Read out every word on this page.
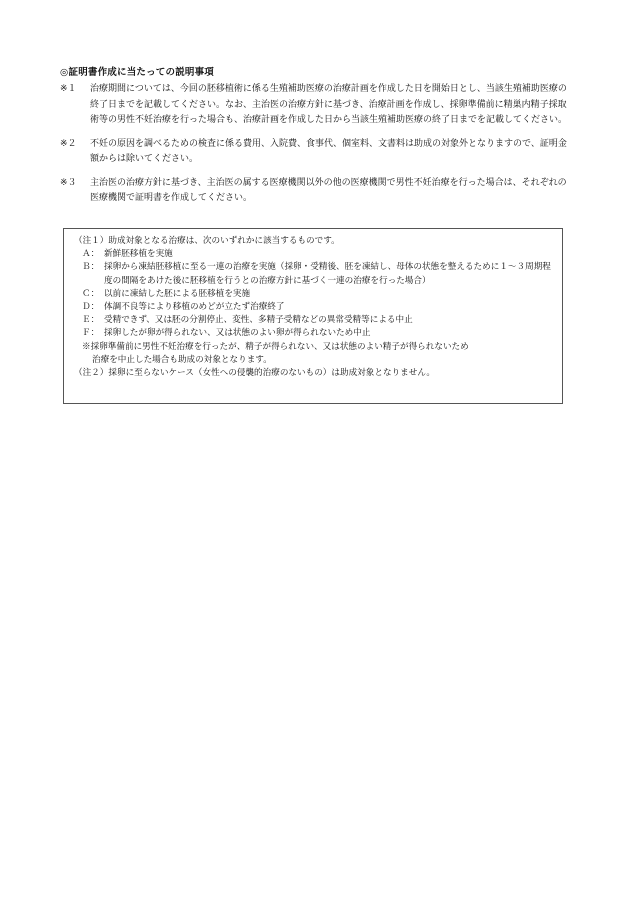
◎証明書作成に当たっての説明事項
※１	治療期間については、今回の胚移植術に係る生殖補助医療の治療計画を作成した日を開始日とし、当該生殖補助医療の終了日までを記載してください。なお、主治医の治療方針に基づき、治療計画を作成し、採卵準備前に精巣内精子採取術等の男性不妊治療を行った場合も、治療計画を作成した日から当該生殖補助医療の終了日までを記載してください。
※２	不妊の原因を調べるための検査に係る費用、入院費、食事代、個室料、文書料は助成の対象外となりますので、証明金額からは除いてください。
※３	主治医の治療方針に基づき、主治医の属する医療機関以外の他の医療機関で男性不妊治療を行った場合は、それぞれの医療機関で証明書を作成してください。
（注１）助成対象となる治療は、次のいずれかに該当するものです。
Ａ： 新鮮胚移植を実施
Ｂ： 採卵から凍結胚移植に至る一連の治療を実施（採卵・受精後、胚を凍結し、母体の状態を整えるために１～３周期程度の間隔をあけた後に胚移植を行うとの治療方針に基づく一連の治療を行った場合）
Ｃ： 以前に凍結した胚による胚移植を実施
Ｄ： 体調不良等により移植のめどが立たず治療終了
Ｅ： 受精できず、又は胚の分割停止、変性、多精子受精などの異常受精等による中止
Ｆ： 採卵したが卵が得られない、又は状態のよい卵が得られないため中止
※採卵準備前に男性不妊治療を行ったが、精子が得られない、又は状態のよい精子が得られないため
治療を中止した場合も助成の対象となります。
（注２）採卵に至らないケース（女性への侵襲的治療のないもの）は助成対象となりません。
